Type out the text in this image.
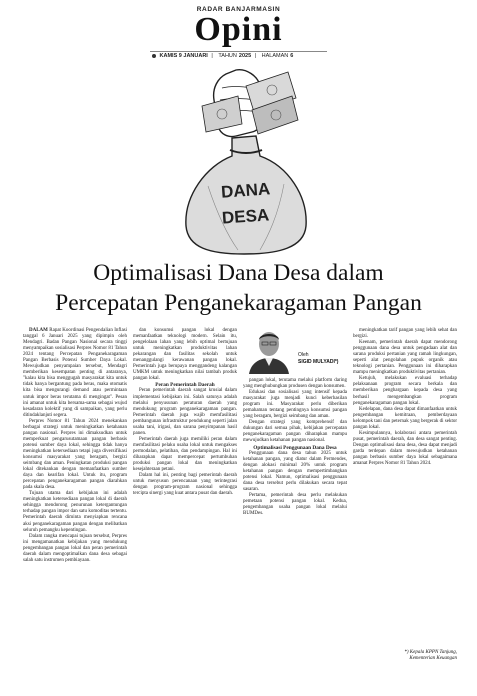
RADAR BANJARMASIN
Opini
KAMIS 9 JANUARI | TAHUN 2025 | HALAMAN 6
DANA
DESA
Optimalisasi Dana Desa dalam
Percepatan Penganekaragaman Pangan

DALAM Rapat Koordinasi Pengendalian Inflasi tanggal 6 Januari 2025 yang dipimpin oleh Mendagri. Badan Pangan Nasional secara tinggi menyampaikan sosialisasi Perpres Nomor 81 Tahun 2024 tentang Percepatan Penganekaragaman Pangan Berbasis Potensi Sumber Daya Lokal. Mewujudkan penyampaian tersebut, Mendagri memberikan kesempatan penting di antaranya, "kalau kita bisa menggugah masyarakat kita untuk tidak hanya bergantung pada beras, maka otomatis kita bisa mengurangi demand atau permintaan untuk impor beras terutama di mengingat". Pesan ini amanat untuk kita bersama-sama sebagai wujud kesadaran kolektif yang di sampaikan, yang perlu ditindaklanjuti segera.

Perpres Nomor 81 Tahun 2024 menekankan berbagai strategi untuk meningkatkan ketahanan pangan nasional. Perpres ini dimaksudkan untuk memperkuat pengarusutamaan pangan berbasis potensi sumber daya lokal, sehingga tidak hanya meningkatkan ketersediaan tetapi juga diversifikasi konsumsi masyarakat yang beragam, bergizi seimbang dan aman. Peningkatan produksi pangan lokal ditekankan dengan memanfaatkan sumber daya dan kearifan lokal. Untuk itu, program percepatan penganekaragaman pangan diarahkan pada skala desa.

Tujuan utama dari kebijakan ini adalah meningkatkan ketersediaan pangan lokal di daerah sehingga mendorong penurunan ketergantungan terhadap pangan impor dan satu komoditas tertentu. Pemerintah daerah diminta menyiapkan rencana aksi penganekaragaman pangan dengan melibatkan seluruh pemangku kepentingan.

Dalam rangka mencapai tujuan tersebut, Perpres ini mengamanatkan kebijakan yang mendukung pengembangan pangan lokal dan peran pemerintah daerah dalam mengoptimalkan dana desa sebagai salah satu instrumen pembiayaan.

dan konsumsi pangan lokal dengan memanfaatkan teknologi modern. Selain itu, pengelolaan lahan yang lebih optimal bertujuan untuk meningkatkan produktivitas lahan pekarangan dan fasilitas sekolah untuk menanggulangi kerawanan pangan lokal. Pemerintah juga berupaya menggandeng kalangan UMKM untuk meningkatkan nilai tambah produk pangan lokal.

Peran Pemerintah Daerah

Peran pemerintah daerah sangat krusial dalam implementasi kebijakan ini. Salah satunya adalah melalui penyusunan peraturan daerah yang mendukung program penganekaragaman pangan. Pemerintah daerah juga wajib memfasilitasi pembangunan infrastruktur pendukung seperti jalan usaha tani, irigasi, dan sarana penyimpanan hasil panen.

Pemerintah daerah juga memiliki peran dalam memfasilitasi pelaku usaha lokal untuk mengakses permodalan, pelatihan, dan pendampingan. Hal ini diharapkan dapat mempercepat pertumbuhan produksi pangan lokal dan meningkatkan kesejahteraan petani.

Dalam hal ini, penting bagi pemerintah daerah untuk menyusun perencanaan yang terintegrasi dengan program-program nasional sehingga tercipta sinergi yang kuat antara pusat dan daerah.

Oleh
SIGID MULYADI*)

pangan lokal, terutama melalui platform daring yang menghubungkan produsen dengan konsumen.

Edukasi dan sosialisasi yang intensif kepada masyarakat juga menjadi kunci keberhasilan program ini. Masyarakat perlu diberikan pemahaman tentang pentingnya konsumsi pangan yang beragam, bergizi seimbang dan aman.

Dengan strategi yang komprehensif dan dukungan dari semua pihak, kebijakan percepatan penganekaragaman pangan diharapkan mampu mewujudkan ketahanan pangan nasional.

Optimalisasi Penggunaan Dana Desa

Penggunaan dana desa tahun 2025 untuk ketahanan pangan, yang diatur dalam Permendes, dengan alokasi minimal 20% untuk program ketahanan pangan dengan mempertimbangkan potensi lokal. Namun, optimalisasi penggunaan dana desa tersebut perlu dilakukan secara tepat sasaran.

Pertama, pemerintah desa perlu melakukan pemetaan potensi pangan lokal. Kedua, pengembangan usaha pangan lokal melalui BUMDes.

meningkatkan tarif pangan yang lebih sehat dan bergizi.

Keenam, pemerintah daerah dapat mendorong penggunaan dana desa untuk pengadaan alat dan sarana produksi pertanian yang ramah lingkungan, seperti alat pengolahan pupuk organik atau teknologi pertanian. Penggunaan ini diharapkan mampu meningkatkan produktivitas pertanian.

Ketujuh, melakukan evaluasi terhadap pelaksanaan program secara berkala dan memberikan penghargaan kepada desa yang berhasil mengembangkan program penganekaragaman pangan lokal.

Kedelapan, dana desa dapat dimanfaatkan untuk pengembangan kemitraan, pemberdayaan kelompok tani dan peternak yang bergerak di sektor pangan lokal.

Kesimpulannya, kolaborasi antara pemerintah pusat, pemerintah daerah, dan desa sangat penting. Dengan optimalisasi dana desa, desa dapat menjadi garda terdepan dalam mewujudkan ketahanan pangan berbasis sumber daya lokal sebagaimana amanat Perpres Nomor 81 Tahun 2024.

*) Kepala KPPN Tanjung,
Kementerian Keuangan
